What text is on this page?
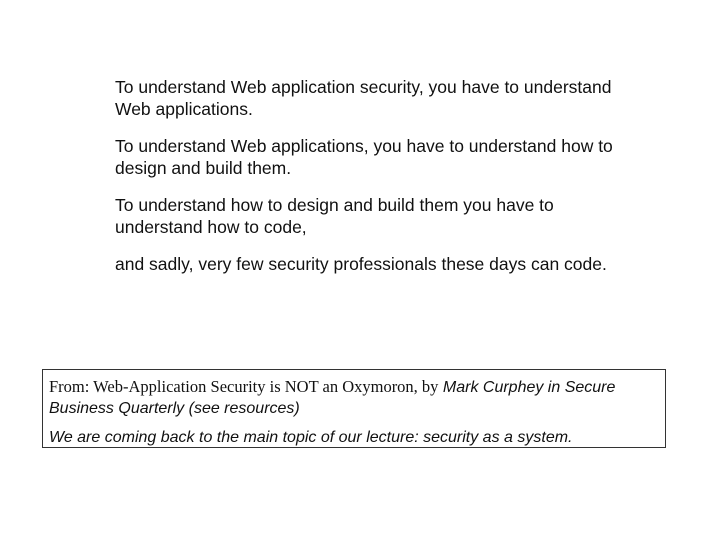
To understand Web application security, you have to understand Web applications.

To understand Web applications, you have to understand how to design and build them.

To understand how to design and build them you have to understand how to code,

and sadly, very few security professionals these days can code.

From: Web-Application Security is NOT an Oxymoron, by Mark Curphey in Secure Business Quarterly (see resources)

We are coming back to the main topic of our lecture: security as a system.
